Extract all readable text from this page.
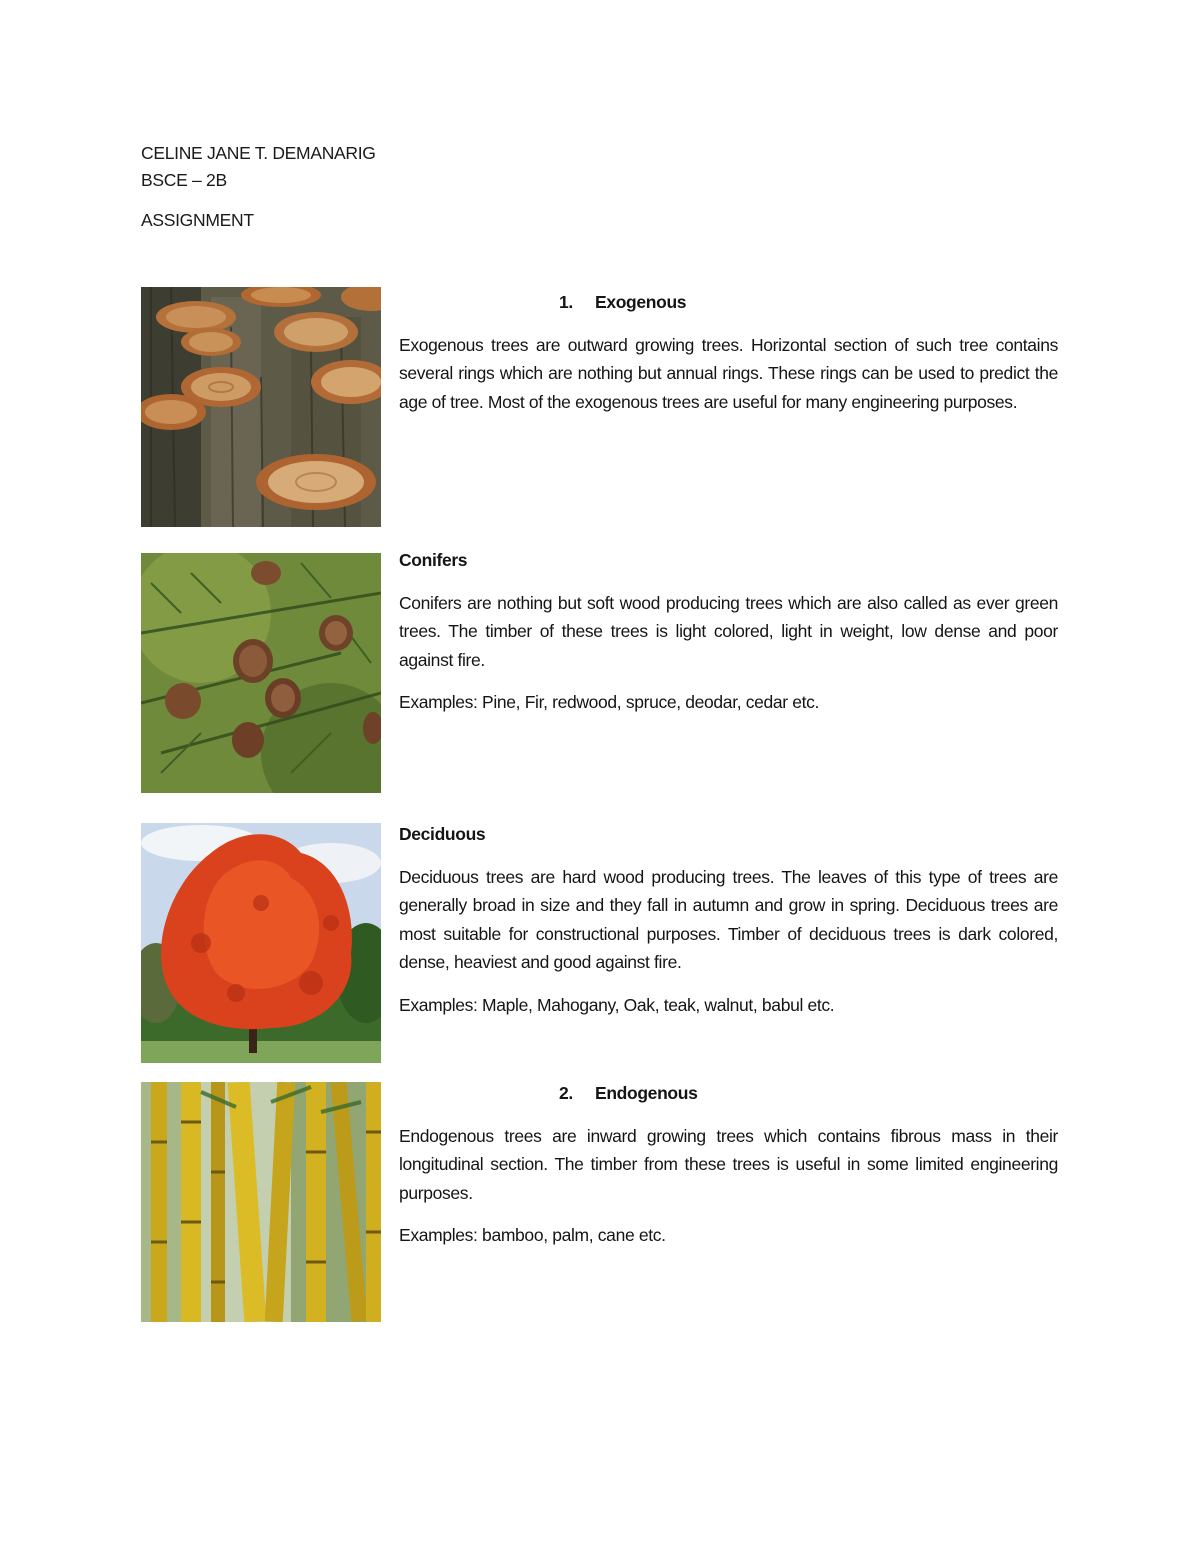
CELINE JANE T. DEMANARIG
BSCE – 2B
ASSIGNMENT
1. Exogenous

Exogenous trees are outward growing trees. Horizontal section of such tree contains several rings which are nothing but annual rings. These rings can be used to predict the age of tree. Most of the exogenous trees are useful for many engineering purposes.

Conifers

Conifers are nothing but soft wood producing trees which are also called as ever green trees. The timber of these trees is light colored, light in weight, low dense and poor against fire.

Examples: Pine, Fir, redwood, spruce, deodar, cedar etc.

Deciduous

Deciduous trees are hard wood producing trees. The leaves of this type of trees are generally broad in size and they fall in autumn and grow in spring. Deciduous trees are most suitable for constructional purposes. Timber of deciduous trees is dark colored, dense, heaviest and good against fire.

Examples: Maple, Mahogany, Oak, teak, walnut, babul etc.

2. Endogenous

Endogenous trees are inward growing trees which contains fibrous mass in their longitudinal section. The timber from these trees is useful in some limited engineering purposes.

Examples: bamboo, palm, cane etc.
